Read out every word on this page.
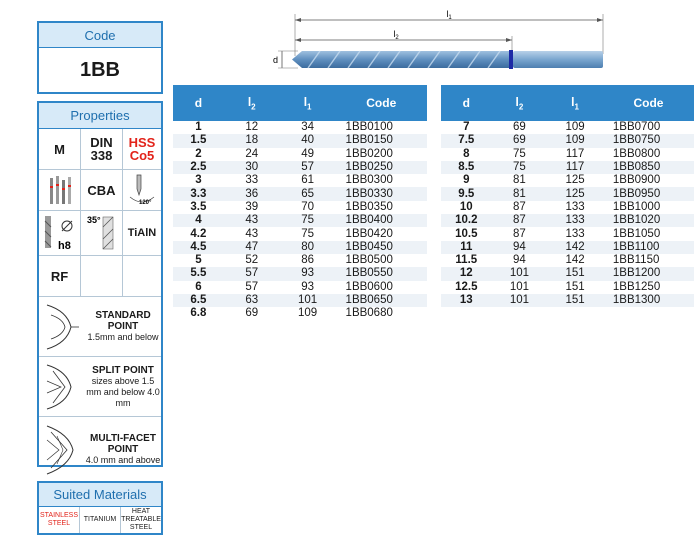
$l_1$
$l_2$
d
Code
1BB
Properties
M DIN
338
HSS
Co5
CBA
120°
h8
35°
TiAlN
RF
STANDARD POINT
1.5mm and below
SPLIT POINT
sizes above 1.5 mm and below 4.0 mm
MULTI-FACET POINT
4.0 mm and above
Suited Materials
STAINLESS STEEL
TITANIUM
HEAT TREATABLE STEEL
d	$l_2$	$l_1$	Code
1	12	34	1BB0100
1.5	18	40	1BB0150
2	24	49	1BB0200
2.5	30	57	1BB0250
3	33	61	1BB0300
3.3	36	65	1BB0330
3.5	39	70	1BB0350
4	43	75	1BB0400
4.2	43	75	1BB0420
4.5	47	80	1BB0450
5	52	86	1BB0500
5.5	57	93	1BB0550
6	57	93	1BB0600
6.5	63	101	1BB0650
6.8	69	109	1BB0680
d	$l_2$	$l_1$	Code
7	69	109	1BB0700
7.5	69	109	1BB0750
8	75	117	1BB0800
8.5	75	117	1BB0850
9	81	125	1BB0900
9.5	81	125	1BB0950
10	87	133	1BB1000
10.2	87	133	1BB1020
10.5	87	133	1BB1050
11	94	142	1BB1100
11.5	94	142	1BB1150
12	101	151	1BB1200
12.5	101	151	1BB1250
13	101	151	1BB1300
